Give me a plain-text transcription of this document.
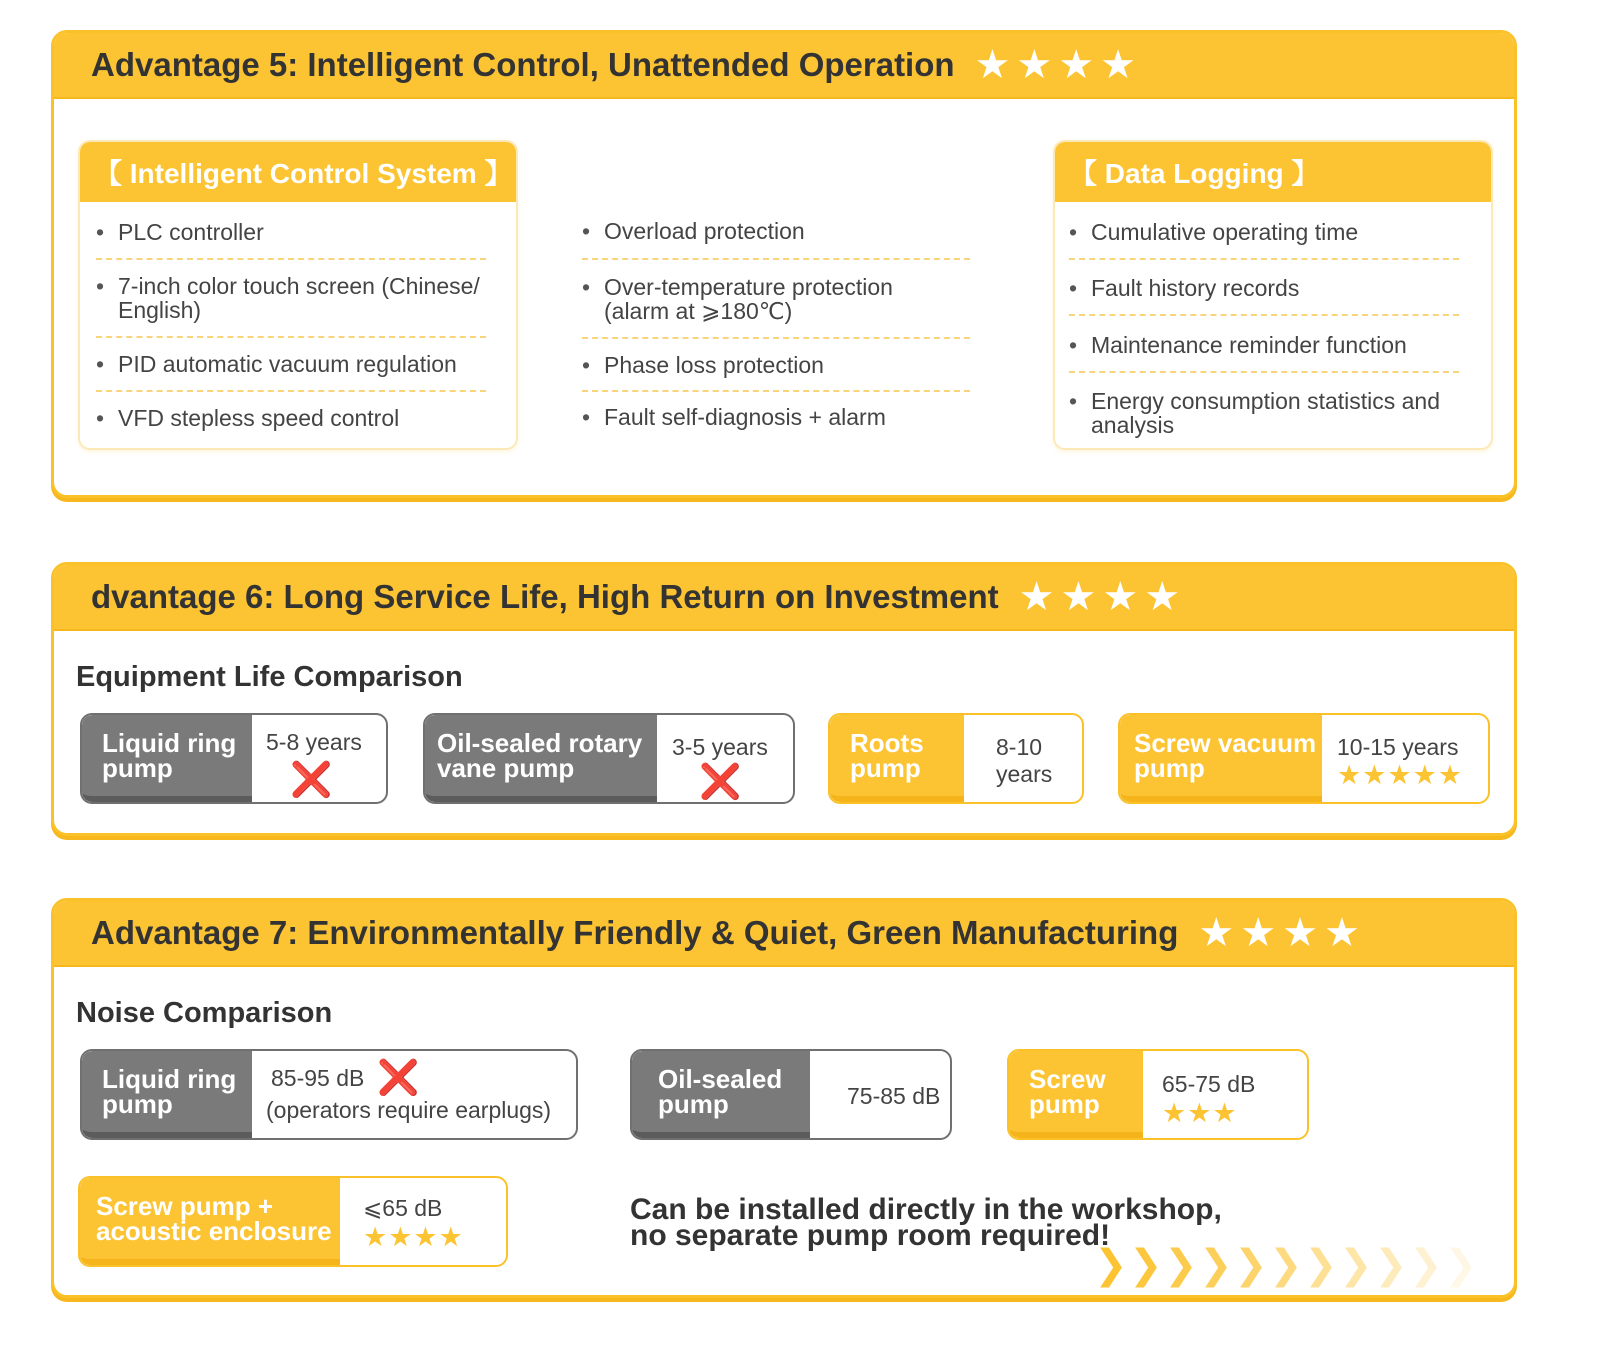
Advantage 5: Intelligent Control, Unattended Operation ★★★★
【 Intelligent Control System 】
• PLC controller
• 7-inch color touch screen (Chinese/ English)
• PID automatic vacuum regulation
• VFD stepless speed control
• Overload protection
• Over-temperature protection (alarm at ⩾180℃)
• Phase loss protection
• Fault self-diagnosis + alarm
【 Data Logging 】
• Cumulative operating time
• Fault history records
• Maintenance reminder function
• Energy consumption statistics and analysis
dvantage 6: Long Service Life, High Return on Investment ★★★★
Equipment Life Comparison
Liquid ring pump
5-8 years
❌
Oil-sealed rotary vane pump
3-5 years
❌
Roots pump
8-10 years
Screw vacuum pump
10-15 years
★★★★★
Advantage 7: Environmentally Friendly & Quiet, Green Manufacturing ★★★★
Noise Comparison
Liquid ring pump
85-95 dB ❌
(operators require earplugs)
Oil-sealed pump	75-85 dB
Screw pump
65-75 dB
★★★
Screw pump + acoustic enclosure
⩽65 dB
★★★★
Can be installed directly in the workshop, no separate pump room required!
❯ ❯ ❯ ❯ ❯ ❯ ❯ ❯ ❯ ❯ ❯
